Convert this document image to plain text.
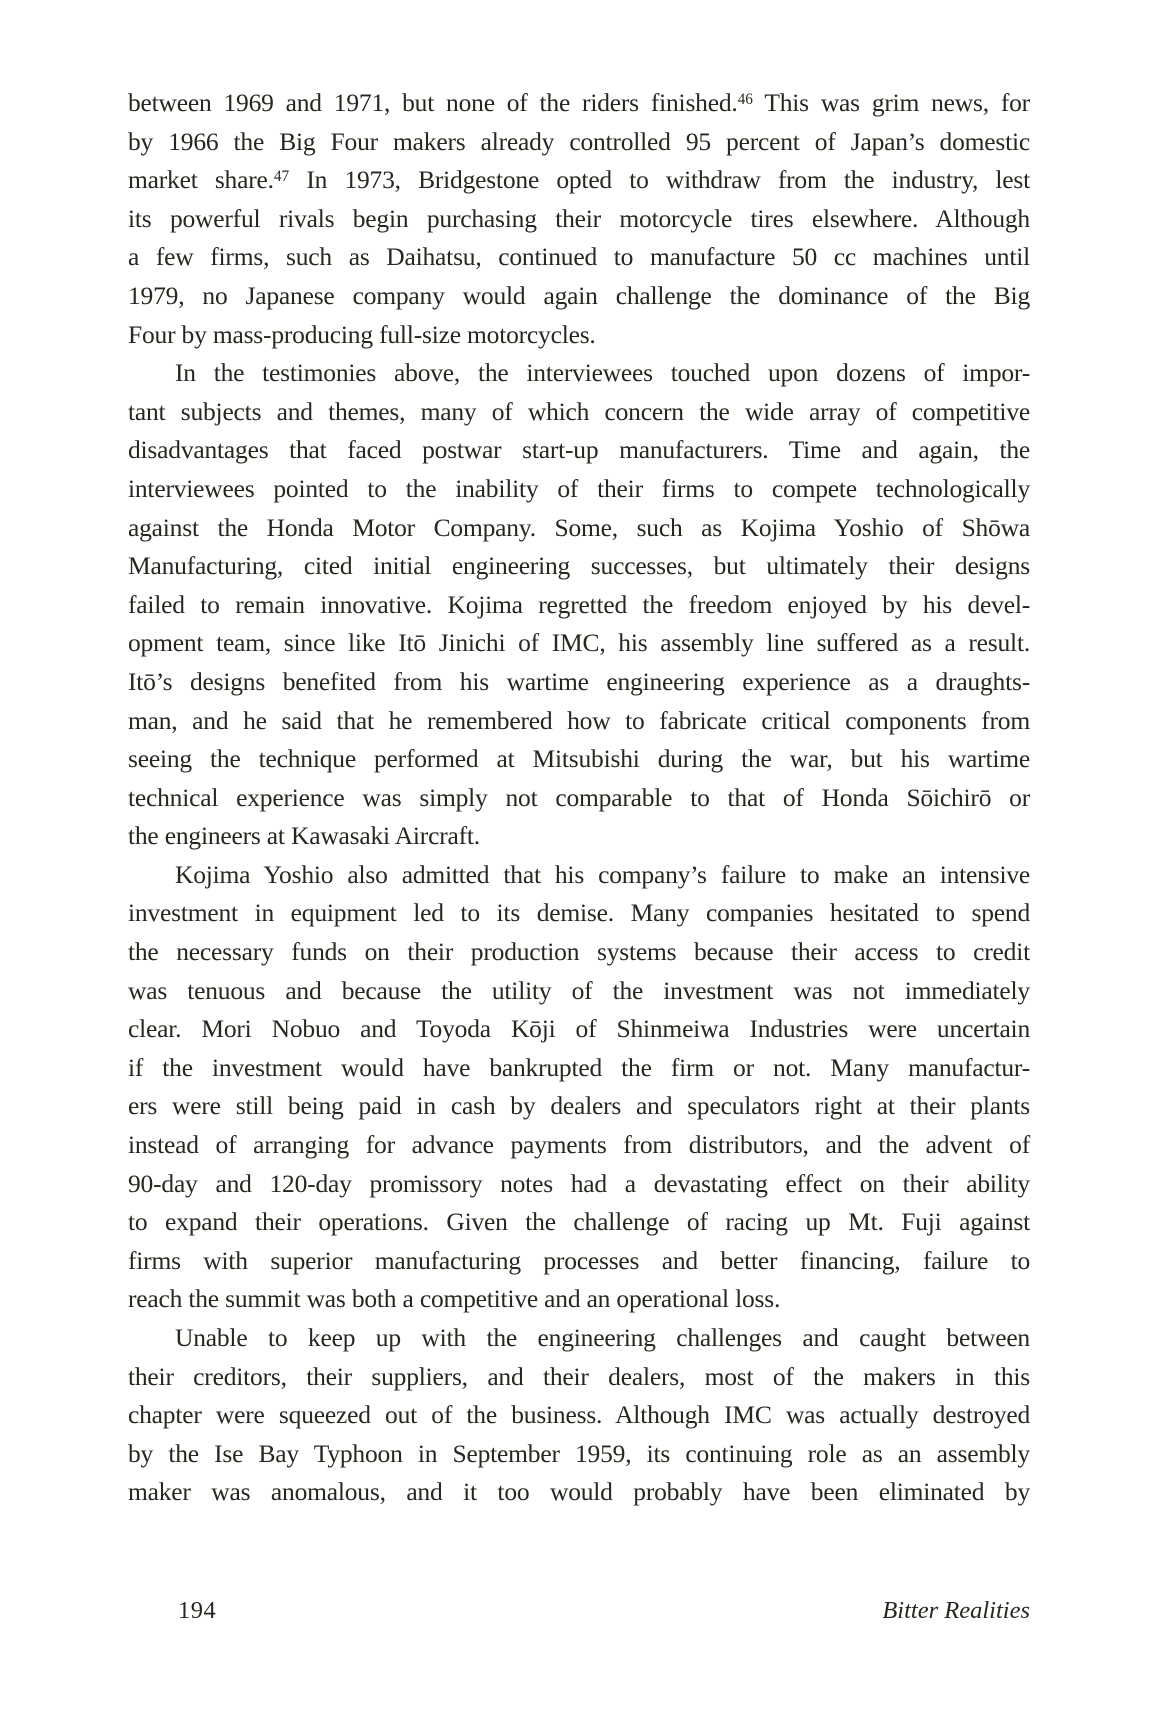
between 1969 and 1971, but none of the riders finished.$^{46}$ This was grim news, for
by 1966 the Big Four makers already controlled 95 percent of Japan’s domestic
market share.$^{47}$ In 1973, Bridgestone opted to withdraw from the industry, lest
its powerful rivals begin purchasing their motorcycle tires elsewhere. Although
a few firms, such as Daihatsu, continued to manufacture 50 cc machines until
1979, no Japanese company would again challenge the dominance of the Big
Four by mass-producing full-size motorcycles.
In the testimonies above, the interviewees touched upon dozens of impor-
tant subjects and themes, many of which concern the wide array of competitive
disadvantages that faced postwar start-up manufacturers. Time and again, the
interviewees pointed to the inability of their firms to compete technologically
against the Honda Motor Company. Some, such as Kojima Yoshio of Shōwa
Manufacturing, cited initial engineering successes, but ultimately their designs
failed to remain innovative. Kojima regretted the freedom enjoyed by his devel-
opment team, since like Itō Jinichi of IMC, his assembly line suffered as a result.
Itō’s designs benefited from his wartime engineering experience as a draughts-
man, and he said that he remembered how to fabricate critical components from
seeing the technique performed at Mitsubishi during the war, but his wartime
technical experience was simply not comparable to that of Honda Sōichirō or
the engineers at Kawasaki Aircraft.
Kojima Yoshio also admitted that his company’s failure to make an intensive
investment in equipment led to its demise. Many companies hesitated to spend
the necessary funds on their production systems because their access to credit
was tenuous and because the utility of the investment was not immediately
clear. Mori Nobuo and Toyoda Kōji of Shinmeiwa Industries were uncertain
if the investment would have bankrupted the firm or not. Many manufactur-
ers were still being paid in cash by dealers and speculators right at their plants
instead of arranging for advance payments from distributors, and the advent of
90-day and 120-day promissory notes had a devastating effect on their ability
to expand their operations. Given the challenge of racing up Mt. Fuji against
firms with superior manufacturing processes and better financing, failure to
reach the summit was both a competitive and an operational loss.
Unable to keep up with the engineering challenges and caught between
their creditors, their suppliers, and their dealers, most of the makers in this
chapter were squeezed out of the business. Although IMC was actually destroyed
by the Ise Bay Typhoon in September 1959, its continuing role as an assembly
maker was anomalous, and it too would probably have been eliminated by
194	Bitter Realities
